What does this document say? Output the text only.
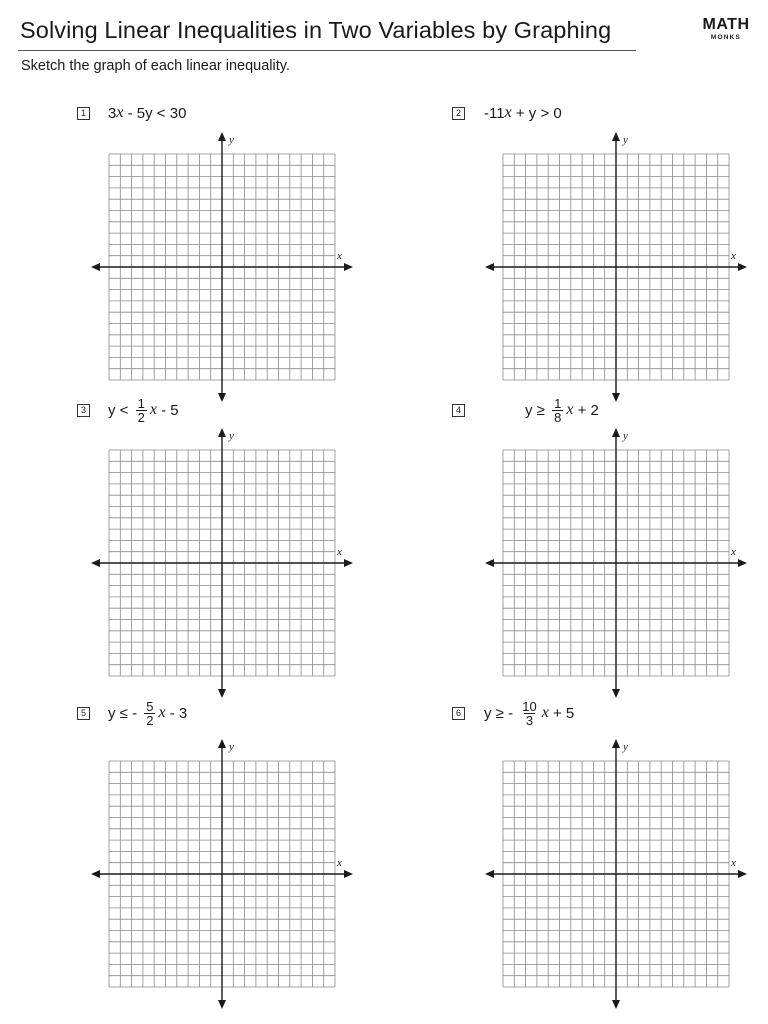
Solving Linear Inequalities in Two Variables by Graphing	MATH
MONKS
Sketch the graph of each linear inequality.
1 3 x - 5y < 30	2 -11 x + y > 0
3 $y < \frac{1}{2}$ x - 5	4	$y \ge \frac{1}{8}$ x + 2
5 y ≤ - $\frac{5}{2}$ x - 3	6 y ≥ - $\frac{10}{3}$ x + 5
x
y
x
y
x
y
x
y
x
y
x
y
